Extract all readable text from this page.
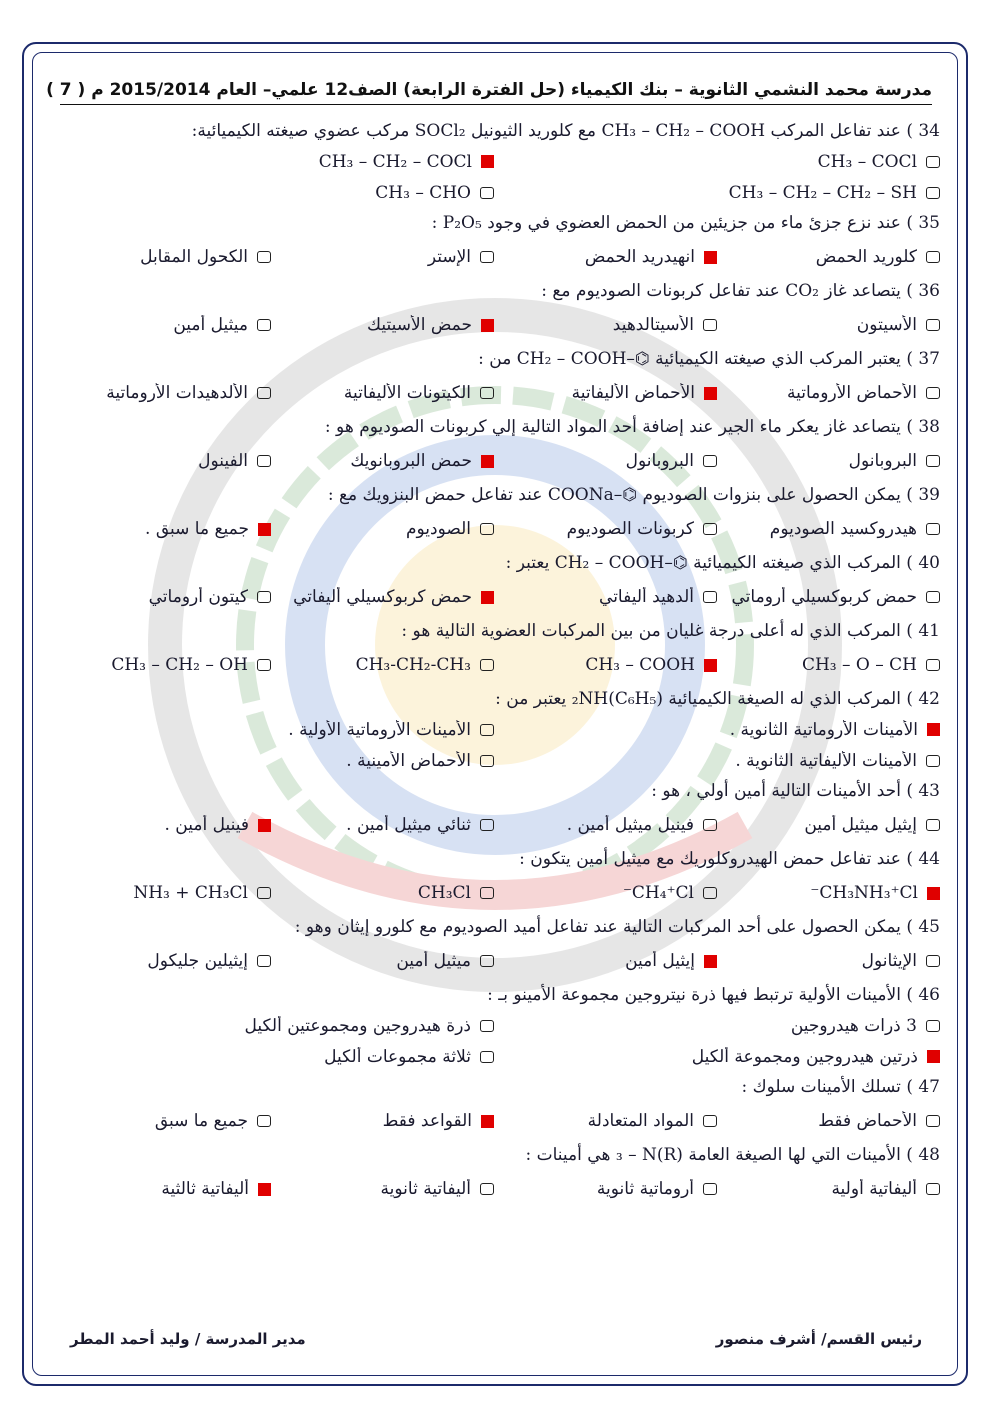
مدرسة محمد النشمي الثانوية – بنك الكيمياء (حل الفترة الرابعة) الصف12 علمي– العام 2015/2014 م ( 7 )
34 ) عند تفاعل المركب CH₃ – CH₂ – COOH مع كلوريد الثيونيل SOCl₂ مركب عضوي صيغته الكيميائية:
CH₃ – COCl
CH₃ – CH₂ – COCl
CH₃ – CH₂ – CH₂ – SH
CH₃ – CHO
35 ) عند نزع جزئ ماء من جزيئين من الحمض العضوي في وجود P₂O₅ :
كلوريد الحمض
انهيدريد الحمض
الإستر
الكحول المقابل
36 ) يتصاعد غاز CO₂ عند تفاعل كربونات الصوديوم مع :
الأسيتون
الأسيتالدهيد
حمض الأسيتيك
ميثيل أمين
37 ) يعتبر المركب الذي صيغته الكيميائية ⌬–CH₂ – COOH من :
الأحماض الأروماتية
الأحماض الأليفاتية
الكيتونات الأليفاتية
الألدهيدات الأروماتية
38 ) يتصاعد غاز يعكر ماء الجير عند إضافة أحد المواد التالية إلي كربونات الصوديوم هو :
البروبانول
البروبانول
حمض البروبانويك
الفينول
39 ) يمكن الحصول على بنزوات الصوديوم ⌬–COONa عند تفاعل حمض البنزويك مع :
هيدروكسيد الصوديوم
كربونات الصوديوم
الصوديوم
جميع ما سبق .
40 ) المركب الذي صيغته الكيميائية ⌬–CH₂ – COOH يعتبر :
حمض كربوكسيلي أروماتي
ألدهيد أليفاتي
حمض كربوكسيلي أليفاتي
كيتون أروماتي
41 ) المركب الذي له أعلى درجة غليان من بين المركبات العضوية التالية هو :
CH₃ – O – CH
CH₃ – COOH
CH₃-CH₂-CH₃
CH₃ – CH₂ – OH
42 ) المركب الذي له الصيغة الكيميائية (C₆H₅)₂NH يعتبر من :
الأمينات الأروماتية الثانوية .
الأمينات الأروماتية الأولية .
الأمينات الأليفاتية الثانوية .
الأحماض الأمينية .
43 ) أحد الأمينات التالية أمين أولي ، هو :
إيثيل ميثيل أمين
فينيل ميثيل أمين .
ثنائي ميثيل أمين .
فينيل أمين .
44 ) عند تفاعل حمض الهيدروكلوريك مع ميثيل أمين يتكون :
CH₃NH₃⁺Cl⁻
CH₄⁺Cl⁻
CH₃Cl
NH₃ + CH₃Cl
45 ) يمكن الحصول على أحد المركبات التالية عند تفاعل أميد الصوديوم مع كلورو إيثان وهو :
الإيثانول
إيثيل أمين
ميثيل أمين
إيثيلين جليكول
46 ) الأمينات الأولية ترتبط فيها ذرة نيتروجين مجموعة الأمينو بـ :
3 ذرات هيدروجين
ذرة هيدروجين ومجموعتين ألكيل
ذرتين هيدروجين ومجموعة ألكيل
ثلاثة مجموعات ألكيل
47 ) تسلك الأمينات سلوك :
الأحماض فقط
المواد المتعادلة
القواعد فقط
جميع ما سبق
48 ) الأمينات التي لها الصيغة العامة (R)₃ – N هي أمينات :
أليفاتية أولية
أروماتية ثانوية
أليفاتية ثانوية
أليفاتية ثالثية
رئيس القسم/ أشرف منصور
مدير المدرسة / وليد أحمد المطر
